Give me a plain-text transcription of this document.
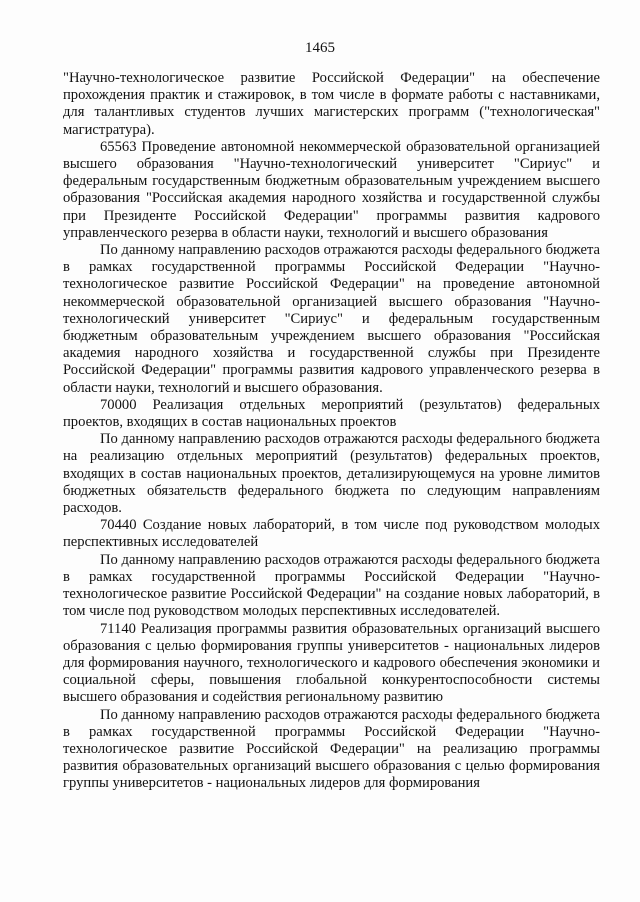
1465

"Научно-технологическое развитие Российской Федерации" на обеспечение прохождения практик и стажировок, в том числе в формате работы с наставниками, для талантливых студентов лучших магистерских программ ("технологическая" магистратура).

65563 Проведение автономной некоммерческой образовательной организацией высшего образования "Научно-технологический университет "Сириус" и федеральным государственным бюджетным образовательным учреждением высшего образования "Российская академия народного хозяйства и государственной службы при Президенте Российской Федерации" программы развития кадрового управленческого резерва в области науки, технологий и высшего образования

По данному направлению расходов отражаются расходы федерального бюджета в рамках государственной программы Российской Федерации "Научно-технологическое развитие Российской Федерации" на проведение автономной некоммерческой образовательной организацией высшего образования "Научно-технологический университет "Сириус" и федеральным государственным бюджетным образовательным учреждением высшего образования "Российская академия народного хозяйства и государственной службы при Президенте Российской Федерации" программы развития кадрового управленческого резерва в области науки, технологий и высшего образования.

70000 Реализация отдельных мероприятий (результатов) федеральных проектов, входящих в состав национальных проектов

По данному направлению расходов отражаются расходы федерального бюджета на реализацию отдельных мероприятий (результатов) федеральных проектов, входящих в состав национальных проектов, детализирующемуся на уровне лимитов бюджетных обязательств федерального бюджета по следующим направлениям расходов.

70440 Создание новых лабораторий, в том числе под руководством молодых перспективных исследователей

По данному направлению расходов отражаются расходы федерального бюджета в рамках государственной программы Российской Федерации "Научно-технологическое развитие Российской Федерации" на создание новых лабораторий, в том числе под руководством молодых перспективных исследователей.

71140 Реализация программы развития образовательных организаций высшего образования с целью формирования группы университетов - национальных лидеров для формирования научного, технологического и кадрового обеспечения экономики и социальной сферы, повышения глобальной конкурентоспособности системы высшего образования и содействия региональному развитию

По данному направлению расходов отражаются расходы федерального бюджета в рамках государственной программы Российской Федерации "Научно-технологическое развитие Российской Федерации" на реализацию программы развития образовательных организаций высшего образования с целью формирования группы университетов - национальных лидеров для формирования
